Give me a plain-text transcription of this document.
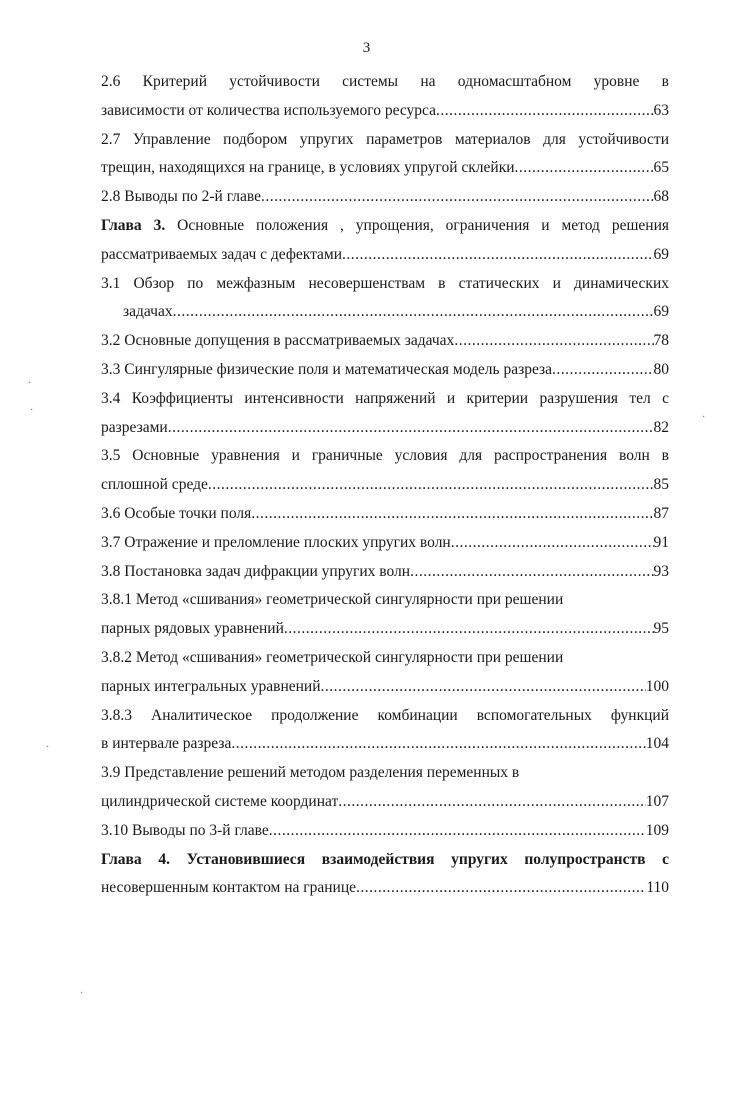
3
2.6 Критерий устойчивости системы на одномасштабном уровне в
зависимости от количества используемого ресурса .....	63
2.7 Управление подбором упругих параметров материалов для устойчивости
трещин, находящихся на границе, в условиях упругой склейки .....	65
2.8 Выводы по 2-й главе .....	68
Глава 3. Основные положения , упрощения, ограничения и метод решения
рассматриваемых задач с дефектами .....	69
3.1 Обзор по межфазным несовершенствам в статических и динамических
задачах .....	69
3.2 Основные допущения в рассматриваемых задачах .....	78
3.3 Сингулярные физические поля и математическая модель разреза .....	80
3.4 Коэффициенты интенсивности напряжений и критерии разрушения тел с
разрезами .....	82
3.5 Основные уравнения и граничные условия для распространения волн в
сплошной среде .....	85
3.6 Особые точки поля .....	87
3.7 Отражение и преломление плоских упругих волн .....	91
3.8 Постановка задач дифракции упругих волн .....	93
3.8.1 Метод «сшивания» геометрической сингулярности при решении
парных рядовых уравнений .....	95
3.8.2 Метод «сшивания» геометрической сингулярности при решении
парных интегральных уравнений .....	100
3.8.3 Аналитическое продолжение комбинации вспомогательных функций
в интервале разреза .....	104
3.9 Представление решений методом разделения переменных в
цилиндрической системе координат .....	107
3.10 Выводы по 3-й главе .....	109
Глава 4. Установившиеся взаимодействия упругих полупространств с
несовершенным контактом на границе .....	110
·
·
·
·
·
